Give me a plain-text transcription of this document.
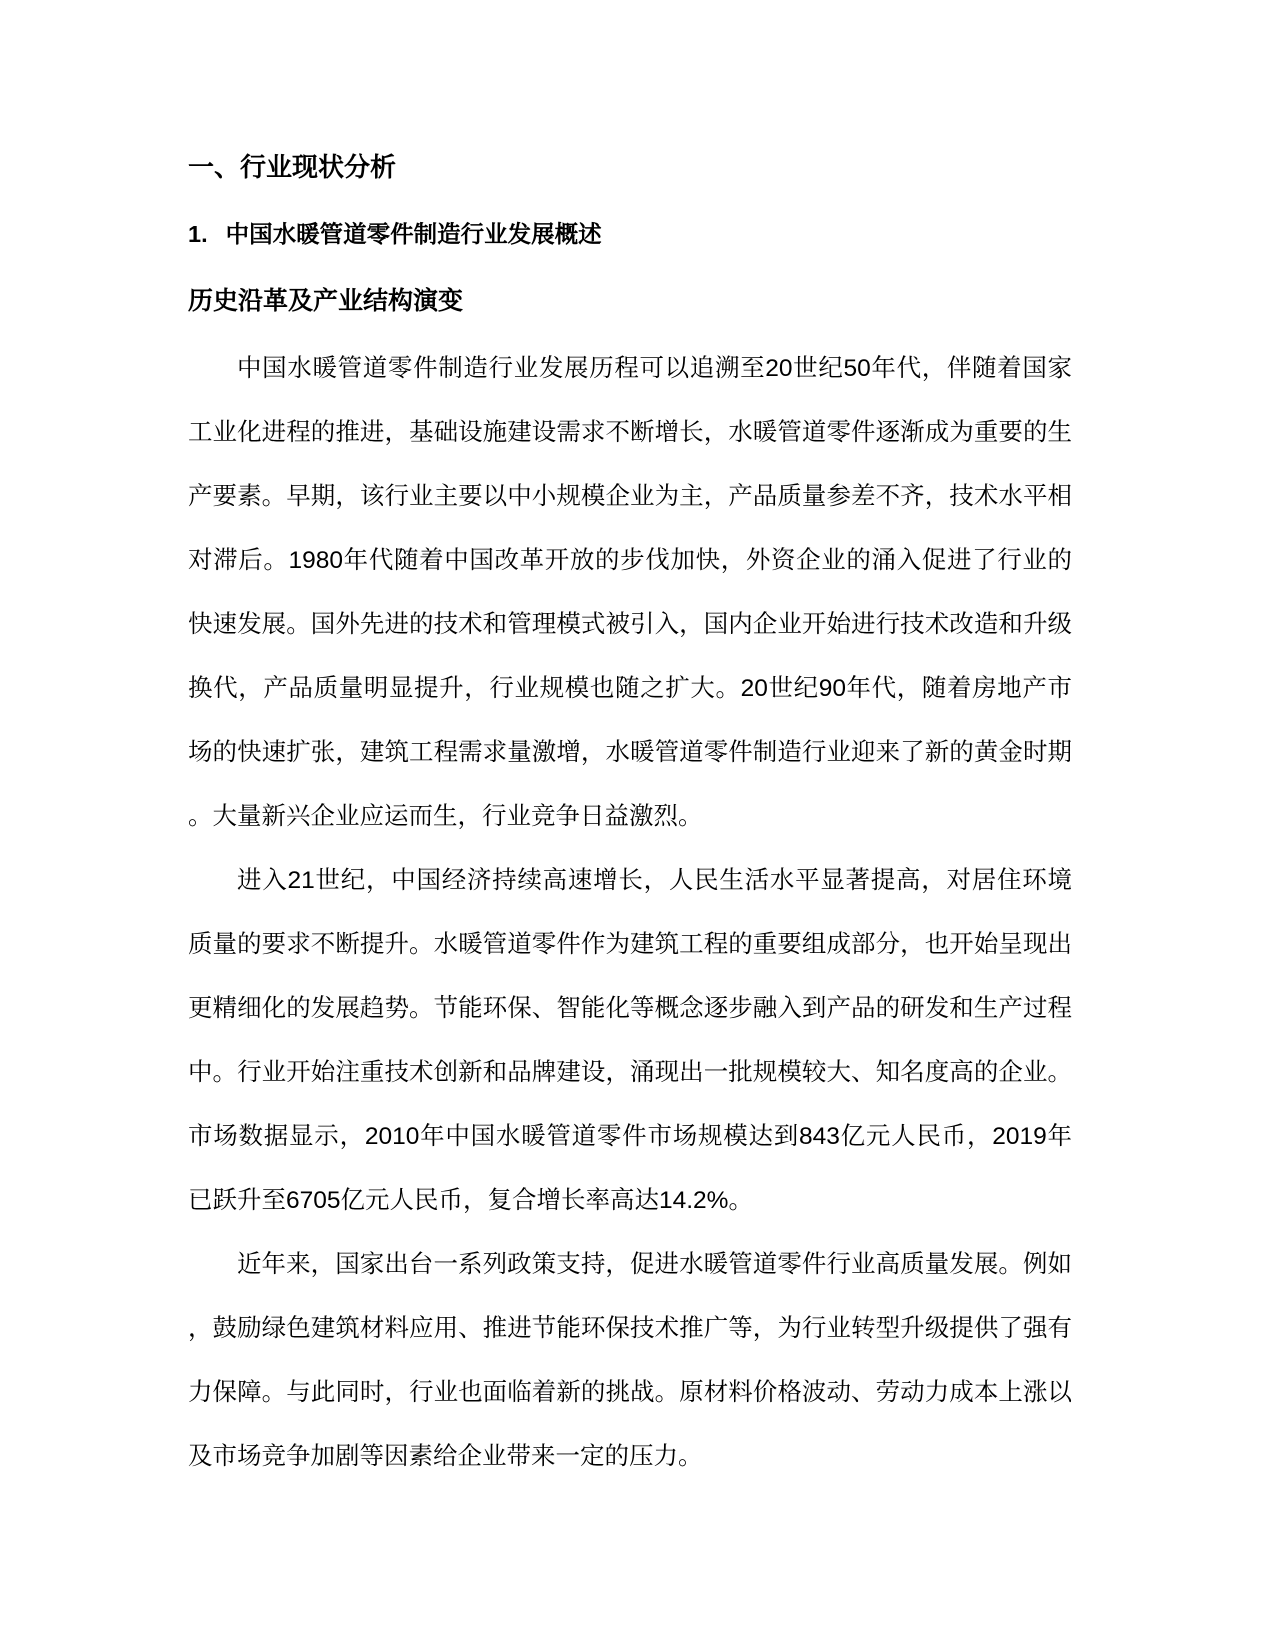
一、行业现状分析
1. 中国水暖管道零件制造行业发展概述
历史沿革及产业结构演变

中国水暖管道零件制造行业发展历程可以追溯至20世纪50年代，伴随着国家工业化进程的推进，基础设施建设需求不断增长，水暖管道零件逐渐成为重要的生产要素。早期，该行业主要以中小规模企业为主，产品质量参差不齐，技术水平相对滞后。1980年代随着中国改革开放的步伐加快，外资企业的涌入促进了行业的快速发展。国外先进的技术和管理模式被引入，国内企业开始进行技术改造和升级换代，产品质量明显提升，行业规模也随之扩大。20世纪90年代，随着房地产市场的快速扩张，建筑工程需求量激增，水暖管道零件制造行业迎来了新的黄金时期。大量新兴企业应运而生，行业竞争日益激烈。

进入21世纪，中国经济持续高速增长，人民生活水平显著提高，对居住环境质量的要求不断提升。水暖管道零件作为建筑工程的重要组成部分，也开始呈现出更精细化的发展趋势。节能环保、智能化等概念逐步融入到产品的研发和生产过程中。行业开始注重技术创新和品牌建设，涌现出一批规模较大、知名度高的企业。市场数据显示，2010年中国水暖管道零件市场规模达到843亿元人民币，2019年已跃升至6705亿元人民币，复合增长率高达14.2%。

近年来，国家出台一系列政策支持，促进水暖管道零件行业高质量发展。例如，鼓励绿色建筑材料应用、推进节能环保技术推广等，为行业转型升级提供了强有力保障。与此同时，行业也面临着新的挑战。原材料价格波动、劳动力成本上涨以及市场竞争加剧等因素给企业带来一定的压力。
